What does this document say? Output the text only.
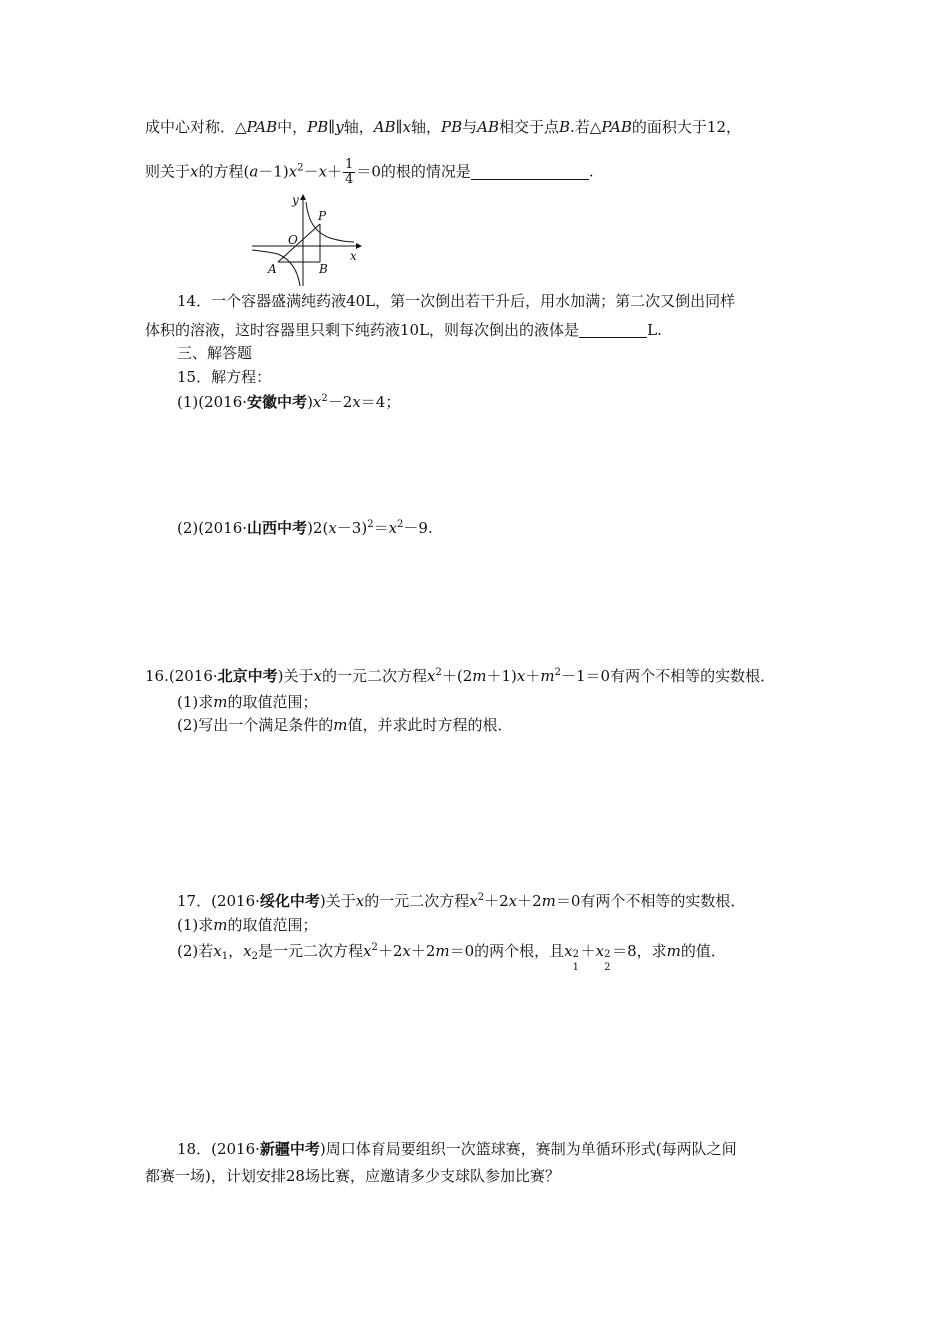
成中心对称．△PAB中，PB∥y轴，AB∥x轴，PB与AB相交于点B.若△PAB的面积大于12，
则关于x的方程$(a-1)x^2-x+ \frac{1}{4} =0$的根的情况是	.
y
x
O
P
A	B
14．一个容器盛满纯药液40L，第一次倒出若干升后，用水加满；第二次又倒出同样
体积的溶液，这时容器里只剩下纯药液10L，则每次倒出的液体是	L.
三、解答题
15．解方程：
(1)(2016·安徽中考)$x^2-2x=4$；
(2)(2016·山西中考)$2(x-3)^2=x^2-9$.
16.(2016·北京中考)关于x的一元二次方程$x^2+(2m+1)x+m^2-1=0$有两个不相等的实数根．
(1)求m的取值范围；
(2)写出一个满足条件的m值，并求此时方程的根．
17．(2016·绥化中考)关于x的一元二次方程$x^2+2x+2m=0$有两个不相等的实数根．
(1)求m的取值范围；
(2)若$x_1$，$x_2$是一元二次方程$x^2+2x+2m=0$的两个根，且x 2
1
＋x 2
2
＝8，求m的值．
18．(2016·新疆中考)周口体育局要组织一次篮球赛，赛制为单循环形式(每两队之间
都赛一场)，计划安排28场比赛，应邀请多少支球队参加比赛？
